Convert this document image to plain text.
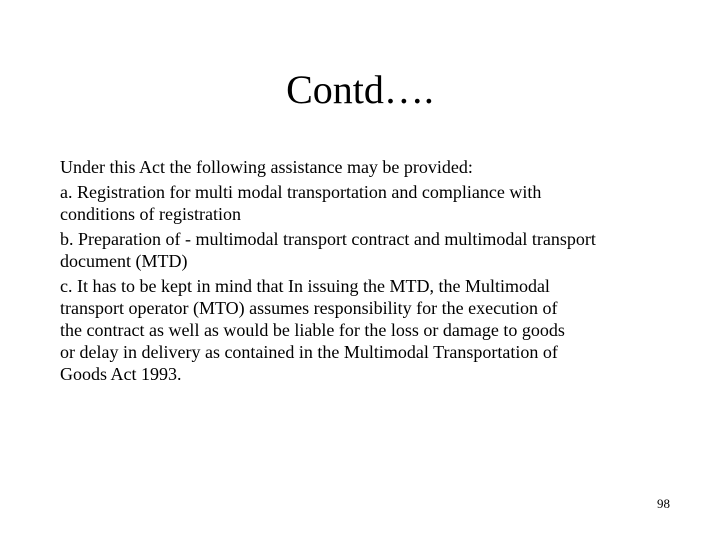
Contd….

Under this Act the following assistance may be provided:

a. Registration for multi modal transportation and compliance with
conditions of registration

b. Preparation of - multimodal transport contract and multimodal transport
document (MTD)

c. It has to be kept in mind that In issuing the MTD, the Multimodal
transport operator (MTO) assumes responsibility for the execution of
the contract as well as would be liable for the loss or damage to goods
or delay in delivery as contained in the Multimodal Transportation of
Goods Act 1993.

98
